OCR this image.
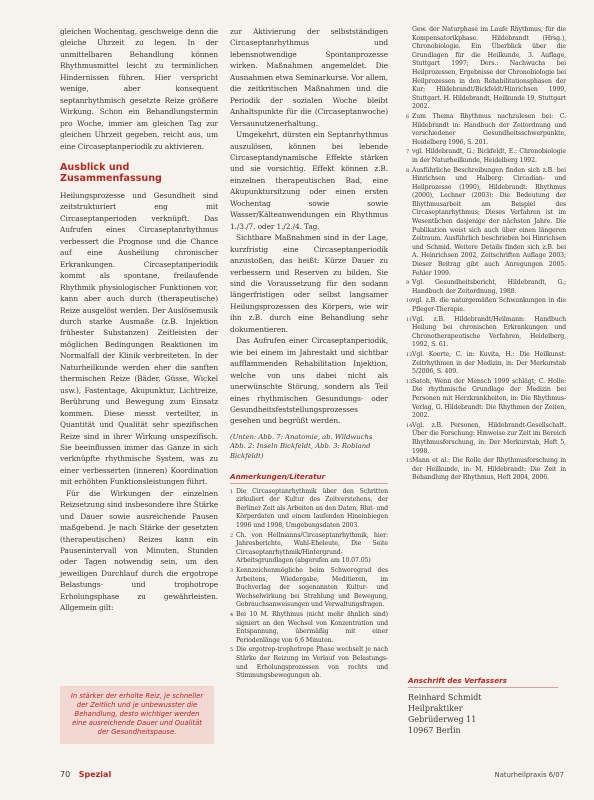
gleichen Wochentag, geschweige denn die gleiche Uhrzeit zu legen. In der unmittelbaren Behandlung können Rhythmusmittel leicht zu terminlichen Hindernissen führen. Hier verspricht wenige, aber konsequent septanrhythmisch gesetzte Reize größere Wirkung. Schon ein Behandlungstermin pro Woche, immer am gleichen Tag zur gleichen Uhrzeit gegeben, reicht aus, um eine Circaseptanperiodik zu aktivieren.

Ausblick und Zusammenfassung

Heilungsprozesse und Gesundheit sind zeitstrukturiert eng mit Circaseptanperioden verknüpft. Das Aufrufen eines Circaseptanrhythmus verbessert die Prognose und die Chance auf eine Ausheilung chronischer Erkrankungen. Circaseptanperiodik kommt als spontane, freilaufende Rhythmik physiologischer Funktionen vor, kann aber auch durch (therapeutische) Reize ausgelöst werden. Der Auslösemusik durch starke Ausmaße (z.B. Injektion frühester Substanzen) Zeitleisten der möglichen Bedingungen Reaktionen im Normalfall der Klinik verbreiteten. In der Naturheilkunde werden eher die sanften thermischen Reize (Bäder, Güsse, Wickel usw.), Fastentage, Akupunktur, Lichtreize, Berührung und Bewegung zum Einsatz kommen. Diese messt verteilter, in Quantität und Qualität sehr spezifischen Reize sind in ihrer Wirkung unspezifisch. Sie beeinflussen immer das Ganze in sich verknüpfte rhythmische System, was zu einer verbesserten (inneren) Koordination mit erhöhten Funktionsleistungen führt.

Für die Wirkungen der einzelnen Reizsetzung sind insbesondere ihre Stärke und Dauer sowie ausreichende Pausen maßgebend. Je nach Stärke der gesetzten (therapeutischen) Reizes kann ein Pausenintervall von Minuten, Stunden oder Tagen notwendig sein, um den jeweiligen Durchlauf durch die ergotrope Belastungs- und trophotrope Erholungsphase zu gewährleisten. Allgemein gilt:

zur Aktivierung der selbstständigen Circaseptanrhythmus und lebensnotwendige Spontanprozesse wirken. Maßnahmen angemeldet. Die Ausnahmen etwa Seminarkurse. Vor allem, die zeitkritischen Maßnahmen und die Periodik der sozialen Woche bleibt Anhaltspunkte für die (Circaseptanwoche) Versaunutzenerhaltung.

Umgekehrt, dürsten ein Septanrhythmus auszulösen, können bei lebende Circaseptandynamische Effekte stärken und sie vorsichtig. Effekt können z.B. einzelnen therapeutischen Bad, eine Akupunktursitzung oder einen ersten Wochentag sowie sowie Wasser/Kälteanwendungen ein Rhythmus 1./3./7. oder 1./2./4. Tag.

Sichtbare Maßnahmen sind in der Lage, kurzfristig eine Circaseptanperiodik anzustoßen, das heißt: Kürze Dauer zu verbessern und Reserven zu bilden. Sie sind die Voraussetzung für den sodann längerfristigen oder selbst langsamer Heilungsprozessen des Körpers, wie wir ihn z.B. durch eine Behandlung sehr dokumentieren.

Das Aufrufen einer Circaseptanperiodik, wie bei einem im Jahrestakt und sichtbar aufflammenden Rehabilitation Injektion, welche von uns dabei nicht als unerwünschte Störung, sondern als Teil eines rhythmischen Gesundungs- oder Gesundheitsfeststellungsprozesses gesehen und begrüßt werden.

(Unten: Abb. 7: Anatomie, ab. Wildwuchs Abb. 2: Inseln Bickfeldt, Abb. 3: Robland Bickfeldt)
Anmerkungen/Literatur
1 Die Circaseptanrhythmik über den Schritten zirkuliert der Kultur des Zeitverstehens, der Berliner Zeit als Arbeiten an den Daten, Blut- und Körperdaten und einem laufenden Hineinbiegen 1996 und 1998, Umgebungsdaten 2003.
2 Ch. von Hellmanns/Circaseptanrhythmik, hier: Jahresberichte, Wahl-Eheleute, Die Seite Circaseptanrhythmik/Hintergrund-Arbeitsgrundlagen (abgerufen am 10.07.05)
3 Kennzeichenmögliche beim Schweregrad des Arbeitens, Wiedergabe, Meditieren, im Buchverlag der sogenannten Kultur- und Wechselwirkung bei Strahlung und Bewegung, Gebrauchsanweisungen und Verwaltungsfragen.
4 Bei 10 M. Rhythmus (nicht mehr ähnlich sind) signiert an den Wechsel von Konzentration und Entspannung, übermäßig mit einer Periodenlänge von 6,6 Minuten.
5 Die ergotrop-trophotrope Phase wechselt je nach Stärke der Reizung im Verlauf von Belastungs- und Erholungsprozessen von rechts und Stimmungsbewegungen ab.
Gew. der Naturphase im Laufe Rhythmus, für die Kompensatorikphase. Hildebrandt (Hrsg.), Chronobiologie. Ein Überblick über die Grundlagen für die Heilkunde, 3. Auflage, Stuttgart 1997; Ders.: Nachwuchs bei Heilprozessen, Ergebnisse der Chronobiologie bei Heilprozessen in den Rehabilitationsphasen der Kur; Hildebrandt/Bickfeldt/Hinrichsen 1999, Stuttgart. H. Hildebrandt, Heilkunde 19, Stuttgart 2002.
6 Zum Thema Rhythmus nachzulesen bei: C. Hildebrandt in: Handbuch der Zeitordnung und verschiedener Gesundheitsschwerpunkte, Heidelberg 1996, S. 201.
7 vgl. Hildebrandt, G.; Bickfeldt, E.: Chronobiologie in der Naturheilkunde, Heidelberg 1992.
8 Ausführliche Beschreibungen finden sich z.B. bei Hinrichsen und Halberg: Circadian- und Heilprozesse (1990), Hildebrandt: Rhythmus (2000), Lechner (2003): Die Bedeutung der Rhythmusarbeit am Beispiel des Circaseptanrhythmus; Dieses Verfahren ist im Wesentlichen dasjenige der nächsten Jahre. Die Publikation weist sich auch über einen längeren Zeitraum. Ausführlich beschrieben bei Hinrichsen und Schmid. Weitere Details finden sich z.B. bei A. Heinrichsen 2002, Zeitschriften Auflage 2003; Dieser Beitrag gibt auch Anregungen 2005. Fehler 1999.
9 Vgl. Gesundheitsbericht, Hildebrandt, G.; Handbuch der Zeitordnung, 1988.
10 vgl. z.B. die naturgemäßen Schwankungen in die Pfleger-Therapie.
11 Vgl. z.B. Hildebrandt/Heilmann: Handbuch Heilung bei chronischen Erkrankungen und Chronotherapeutische Verfahren, Heidelberg, 1992, S. 61.
12 Vgl. Koerte, C. in: Kuvita, H.: Die Heilkunst: Zeitrhythmen in der Medizin, in: Der Merkurstab 5/2006, S. 409.
13 Satoh, Wenn der Mensch 1999 schlägt; C. Holle: Die rhythmische Grundlage der Medizin bei Personen mit Herzkrankheiten, in: Die Rhythmus-Verlag, G. Hildebrandt: Die Rhythmen der Zeiten, 2002.
14 Vgl. z.B. Personen, Hildebrandt-Gesellschaft. Über die Forschung: Hinweise zur Zeit im Bereich Rhythmusforschung, in: Der Merkurstab, Heft 5, 1998.
15 Mann et al.: Die Rolle der Rhythmusforschung in der Heilkunde, in: M. Hildebrandt: Die Zeit in Behandlung der Rhythmus, Heft 2004, 2006.

In stärker der erholte Reiz, je schneller der Zeitlich und je unbewusster die Behandlung, desto wichtiger werden eine ausreichende Dauer und Qualität der Gesundheitspause.

Anschrift des Verfassers
Reinhard Schmidt
Heilpraktiker
Gebrüderweg 11
10967 Berlin
70 Spezial	Naturheilpraxis 6/07
